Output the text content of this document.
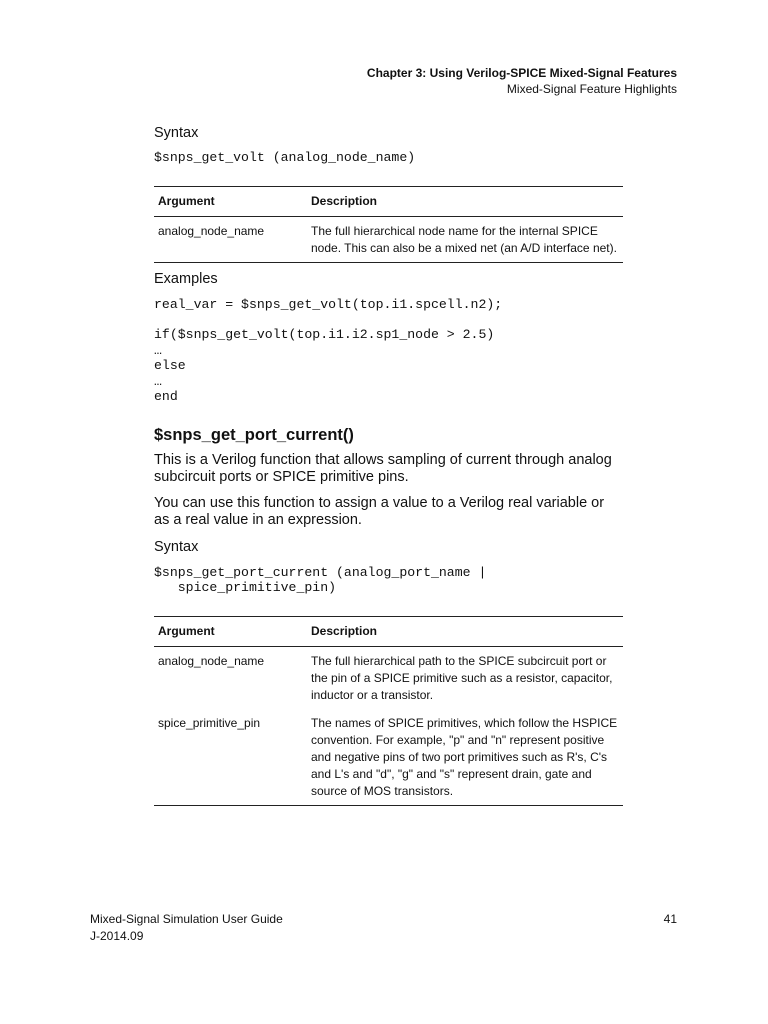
Chapter 3: Using Verilog-SPICE Mixed-Signal Features
Mixed-Signal Feature Highlights
Syntax
$snps_get_volt (analog_node_name)
Argument	Description
analog_node_name	The full hierarchical node name for the internal SPICE node. This can also be a mixed net (an A/D interface net).
Examples
real_var = $snps_get_volt(top.i1.spcell.n2);
if($snps_get_volt(top.i1.i2.sp1_node > 2.5)
…
else
…
end
$snps_get_port_current()
This is a Verilog function that allows sampling of current through analog subcircuit ports or SPICE primitive pins.
You can use this function to assign a value to a Verilog real variable or as a real value in an expression.
Syntax
$snps_get_port_current (analog_port_name |
spice_primitive_pin)
Argument	Description
analog_node_name	The full hierarchical path to the SPICE subcircuit port or the pin of a SPICE primitive such as a resistor, capacitor, inductor or a transistor.
spice_primitive_pin	The names of SPICE primitives, which follow the HSPICE convention. For example, "p" and "n" represent positive and negative pins of two port primitives such as R's, C's and L's and "d", "g" and "s" represent drain, gate and source of MOS transistors.
Mixed-Signal Simulation User Guide
J-2014.09
41
